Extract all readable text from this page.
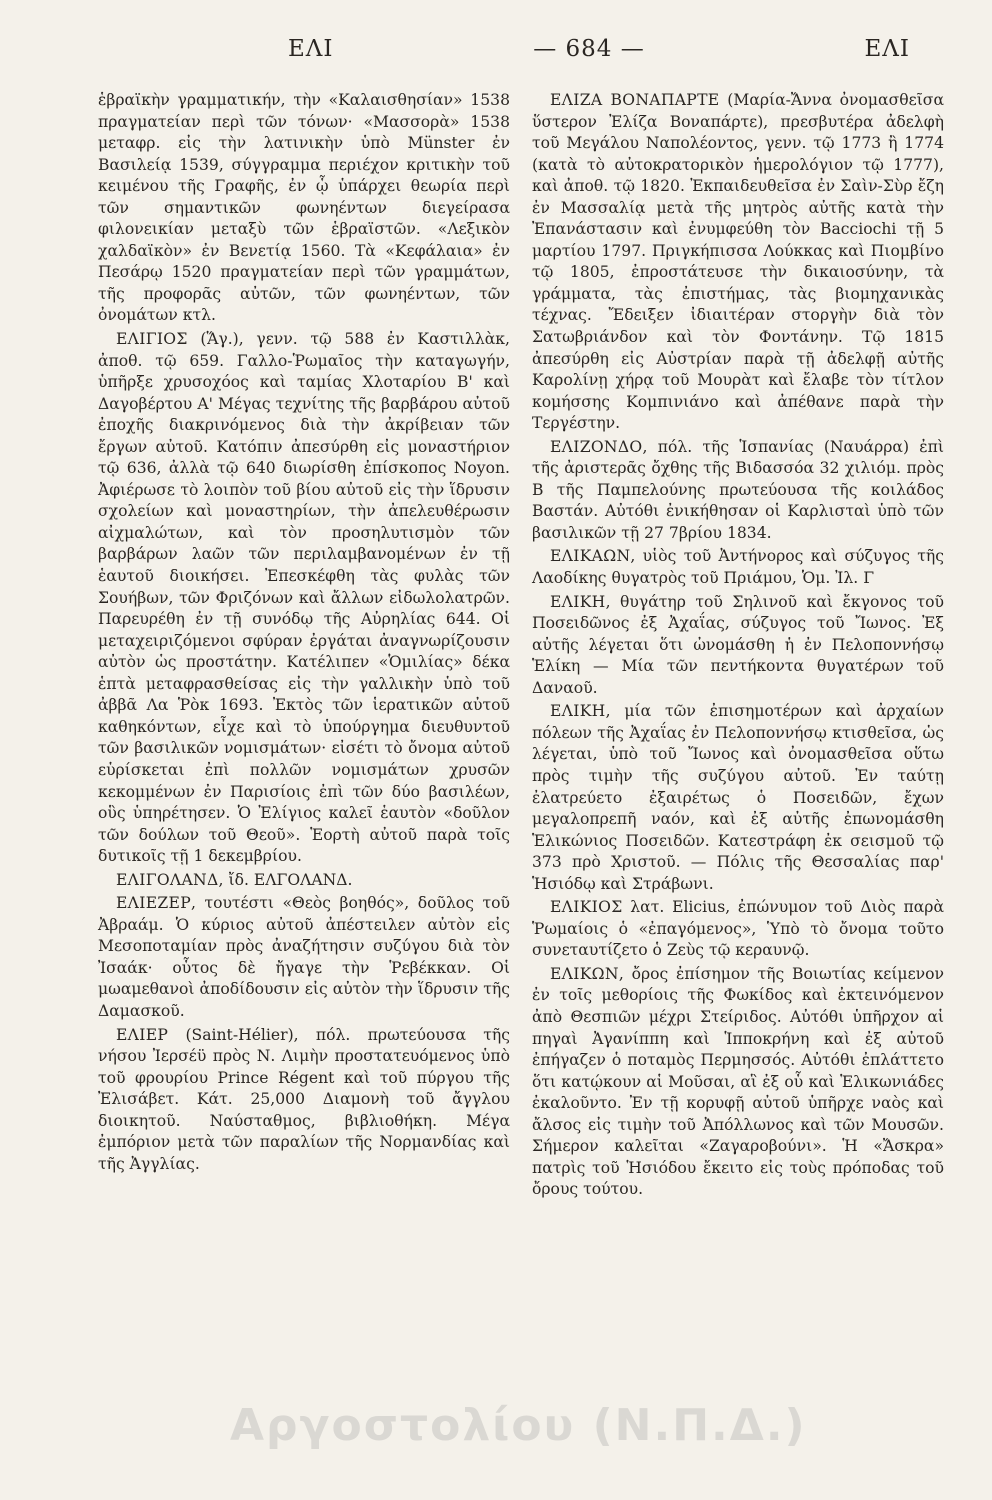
ΕΛΙ	— 684 —	ΕΛΙ

ἑβραϊκὴν γραμματικήν, τὴν «Καλαισθησίαν» 1538 πραγματείαν περὶ τῶν τόνων· «Μασσορὰ» 1538 μεταφρ. εἰς τὴν λατινικὴν ὑπὸ Münster ἐν Βασιλείᾳ 1539, σύγγραμμα περιέχον κριτικὴν τοῦ κειμένου τῆς Γραφῆς, ἐν ᾧ ὑπάρχει θεωρία περὶ τῶν σημαντικῶν φωνηέντων διεγείρασα φιλονεικίαν μεταξὺ τῶν ἑβραϊστῶν. «Λεξικὸν χαλδαϊκὸν» ἐν Βενετίᾳ 1560. Τὰ «Κεφάλαια» ἐν Πεσάρῳ 1520 πραγματείαν περὶ τῶν γραμμάτων, τῆς προφορᾶς αὐτῶν, τῶν φωνηέντων, τῶν ὀνομάτων κτλ.

ΕΛΙΓΙΟΣ (Ἅγ.), γενν. τῷ 588 ἐν Καστιλλὰκ, ἀποθ. τῷ 659. Γαλλο-Ῥωμαῖος τὴν καταγωγήν, ὑπῆρξε χρυσοχόος καὶ ταμίας Χλοταρίου Β' καὶ Δαγοβέρτου Α' Μέγας τεχνίτης τῆς βαρβάρου αὐτοῦ ἐποχῆς διακρινόμενος διὰ τὴν ἀκρίβειαν τῶν ἔργων αὐτοῦ. Κατόπιν ἀπεσύρθη εἰς μοναστήριον τῷ 636, ἀλλὰ τῷ 640 διωρίσθη ἐπίσκοπος Noyon. Ἀφιέρωσε τὸ λοιπὸν τοῦ βίου αὐτοῦ εἰς τὴν ἵδρυσιν σχολείων καὶ μοναστηρίων, τὴν ἀπελευθέρωσιν αἰχμαλώτων, καὶ τὸν προσηλυτισμὸν τῶν βαρβάρων λαῶν τῶν περιλαμβανομένων ἐν τῇ ἑαυτοῦ διοικήσει. Ἐπεσκέφθη τὰς φυλὰς τῶν Σουήβων, τῶν Φριζόνων καὶ ἄλλων εἰδωλολατρῶν. Παρευρέθη ἐν τῇ συνόδῳ τῆς Αὐρηλίας 644. Οἱ μεταχειριζόμενοι σφύραν ἐργάται ἀναγνωρίζουσιν αὐτὸν ὡς προστάτην. Κατέλιπεν «Ὁμιλίας» δέκα ἑπτὰ μεταφρασθείσας εἰς τὴν γαλλικὴν ὑπὸ τοῦ ἀββᾶ Λα Ῥὸκ 1693. Ἐκτὸς τῶν ἱερατικῶν αὐτοῦ καθηκόντων, εἶχε καὶ τὸ ὑπούργημα διευθυντοῦ τῶν βασιλικῶν νομισμάτων· εἰσέτι τὸ ὄνομα αὐτοῦ εὑρίσκεται ἐπὶ πολλῶν νομισμάτων χρυσῶν κεκομμένων ἐν Παρισίοις ἐπὶ τῶν δύο βασιλέων, οὓς ὑπηρέτησεν. Ὁ Ἐλίγιος καλεῖ ἑαυτὸν «δοῦλον τῶν δούλων τοῦ Θεοῦ». Ἑορτὴ αὐτοῦ παρὰ τοῖς δυτικοῖς τῇ 1 δεκεμβρίου.

ΕΛΙΓΟΛΑΝΔ, ἴδ. ΕΛΓΟΛΑΝΔ.

ΕΛΙΕΖΕΡ, τουτέστι «Θεὸς βοηθός», δοῦλος τοῦ Ἀβραάμ. Ὁ κύριος αὐτοῦ ἀπέστειλεν αὐτὸν εἰς Μεσοποταμίαν πρὸς ἀναζήτησιν συζύγου διὰ τὸν Ἰσαάκ· οὗτος δὲ ἤγαγε τὴν Ῥεβέκκαν. Οἱ μωαμεθανοὶ ἀποδίδουσιν εἰς αὐτὸν τὴν ἵδρυσιν τῆς Δαμασκοῦ.

ΕΛΙΕΡ (Saint-Hélier), πόλ. πρωτεύουσα τῆς νήσου Ἰερσέϋ πρὸς Ν. Λιμὴν προστατευόμενος ὑπὸ τοῦ φρουρίου Prince Régent καὶ τοῦ πύργου τῆς Ἐλισάβετ. Κάτ. 25,000 Διαμονὴ τοῦ ἄγγλου διοικητοῦ. Ναύσταθμος, βιβλιοθήκη. Μέγα ἐμπόριον μετὰ τῶν παραλίων τῆς Νορμανδίας καὶ τῆς Ἀγγλίας.

ΕΛΙΖΑ ΒΟΝΑΠΑΡΤΕ (Μαρία-Ἄννα ὀνομασθεῖσα ὕστερον Ἐλίζα Βοναπάρτε), πρεσβυτέρα ἀδελφὴ τοῦ Μεγάλου Ναπολέοντος, γενν. τῷ 1773 ἢ 1774 (κατὰ τὸ αὐτοκρατορικὸν ἡμερολόγιον τῷ 1777), καὶ ἀποθ. τῷ 1820. Ἐκπαιδευθεῖσα ἐν Σαὶν-Σὺρ ἔζη ἐν Μασσαλίᾳ μετὰ τῆς μητρὸς αὐτῆς κατὰ τὴν Ἐπανάστασιν καὶ ἐνυμφεύθη τὸν Bacciochi τῇ 5 μαρτίου 1797. Πριγκήπισσα Λούκκας καὶ Πιομβίνο τῷ 1805, ἐπροστάτευσε τὴν δικαιοσύνην, τὰ γράμματα, τὰς ἐπιστήμας, τὰς βιομηχανικὰς τέχνας. Ἔδειξεν ἰδιαιτέραν στοργὴν διὰ τὸν Σατωβριάνδον καὶ τὸν Φοντάνην. Τῷ 1815 ἀπεσύρθη εἰς Αὐστρίαν παρὰ τῇ ἀδελφῇ αὐτῆς Καρολίνῃ χήρᾳ τοῦ Μουρὰτ καὶ ἔλαβε τὸν τίτλον κομήσσης Κομπινιάνο καὶ ἀπέθανε παρὰ τὴν Τεργέστην.

ΕΛΙΖΟΝΔΟ, πόλ. τῆς Ἱσπανίας (Ναυάρρα) ἐπὶ τῆς ἀριστερᾶς ὄχθης τῆς Βιδασσόα 32 χιλιόμ. πρὸς Β τῆς Παμπελούνης πρωτεύουσα τῆς κοιλάδος Βαστάν. Αὐτόθι ἐνικήθησαν οἱ Καρλισταὶ ὑπὸ τῶν βασιλικῶν τῇ 27 7βρίου 1834.

ΕΛΙΚΑΩΝ, υἱὸς τοῦ Ἀντήνορος καὶ σύζυγος τῆς Λαοδίκης θυγατρὸς τοῦ Πριάμου, Ὁμ. Ἰλ. Γ

ΕΛΙΚΗ, θυγάτηρ τοῦ Σηλινοῦ καὶ ἔκγονος τοῦ Ποσειδῶνος ἐξ Ἀχαΐας, σύζυγος τοῦ Ἴωνος. Ἐξ αὐτῆς λέγεται ὅτι ὠνομάσθη ἡ ἐν Πελοποννήσῳ Ἑλίκη — Μία τῶν πεντήκοντα θυγατέρων τοῦ Δαναοῦ.

ΕΛΙΚΗ, μία τῶν ἐπισημοτέρων καὶ ἀρχαίων πόλεων τῆς Ἀχαΐας ἐν Πελοποννήσῳ κτισθεῖσα, ὡς λέγεται, ὑπὸ τοῦ Ἴωνος καὶ ὀνομασθεῖσα οὕτω πρὸς τιμὴν τῆς συζύγου αὐτοῦ. Ἐν ταύτῃ ἐλατρεύετο ἐξαιρέτως ὁ Ποσειδῶν, ἔχων μεγαλοπρεπῆ ναόν, καὶ ἐξ αὐτῆς ἐπωνομάσθη Ἑλικώνιος Ποσειδῶν. Κατεστράφη ἐκ σεισμοῦ τῷ 373 πρὸ Χριστοῦ. — Πόλις τῆς Θεσσαλίας παρ' Ἡσιόδῳ καὶ Στράβωνι.

ΕΛΙΚΙΟΣ λατ. Elicius, ἐπώνυμον τοῦ Διὸς παρὰ Ῥωμαίοις ὁ «ἐπαγόμενος», Ὑπὸ τὸ ὄνομα τοῦτο συνεταυτίζετο ὁ Ζεὺς τῷ κεραυνῷ.

ΕΛΙΚΩΝ, ὄρος ἐπίσημον τῆς Βοιωτίας κείμενον ἐν τοῖς μεθορίοις τῆς Φωκίδος καὶ ἐκτεινόμενον ἀπὸ Θεσπιῶν μέχρι Στείριδος. Αὐτόθι ὑπῆρχον αἱ πηγαὶ Ἀγανίππη καὶ Ἱπποκρήνη καὶ ἐξ αὐτοῦ ἐπήγαζεν ὁ ποταμὸς Περμησσός. Αὐτόθι ἐπλάττετο ὅτι κατῴκουν αἱ Μοῦσαι, αἳ ἐξ οὗ καὶ Ἑλικωνιάδες ἐκαλοῦντο. Ἐν τῇ κορυφῇ αὐτοῦ ὑπῆρχε ναὸς καὶ ἄλσος εἰς τιμὴν τοῦ Ἀπόλλωνος καὶ τῶν Μουσῶν. Σήμερον καλεῖται «Ζαγαροβούνι». Ἡ «Ἄσκρα» πατρὶς τοῦ Ἡσιόδου ἔκειτο εἰς τοὺς πρόποδας τοῦ ὄρους τούτου.

Αργοστολίου (Ν.Π.Δ.)
